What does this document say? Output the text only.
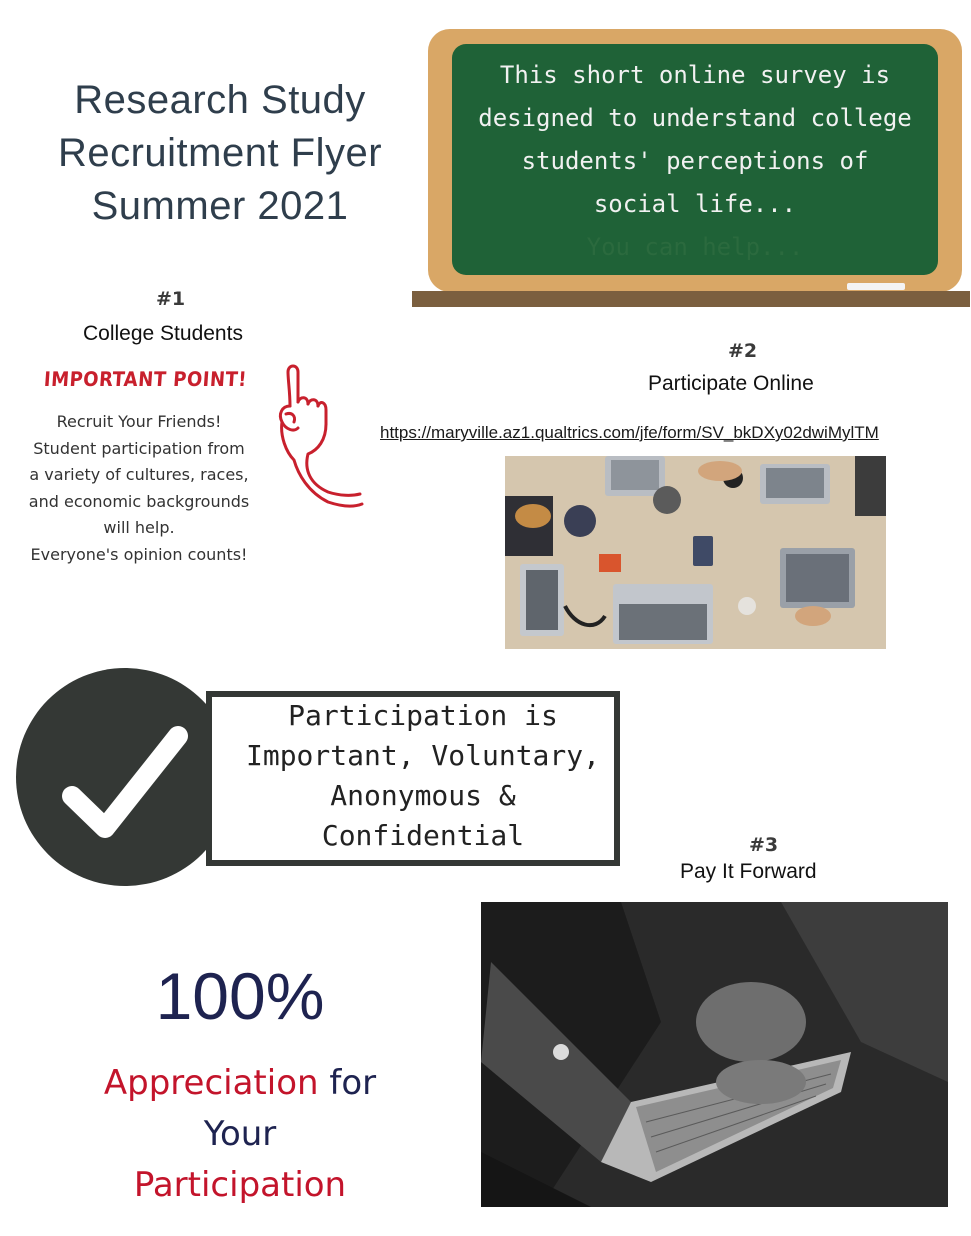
Research Study
Recruitment Flyer
Summer 2021
This short online survey is
designed to understand college
students' perceptions of
social life...
You can help...
#1
College Students
IMPORTANT POINT!
Recruit Your Friends!
Student participation from
a variety of cultures, races,
and economic backgrounds
will help.
Everyone's opinion counts!
#2
Participate Online
https://maryville.az1.qualtrics.com/jfe/form/SV_bkDXy02dwiMylTM
Participation is
Important, Voluntary,
Anonymous &
Confidential	#3
Pay It Forward
100%
Appreciation for
Your
Participation
